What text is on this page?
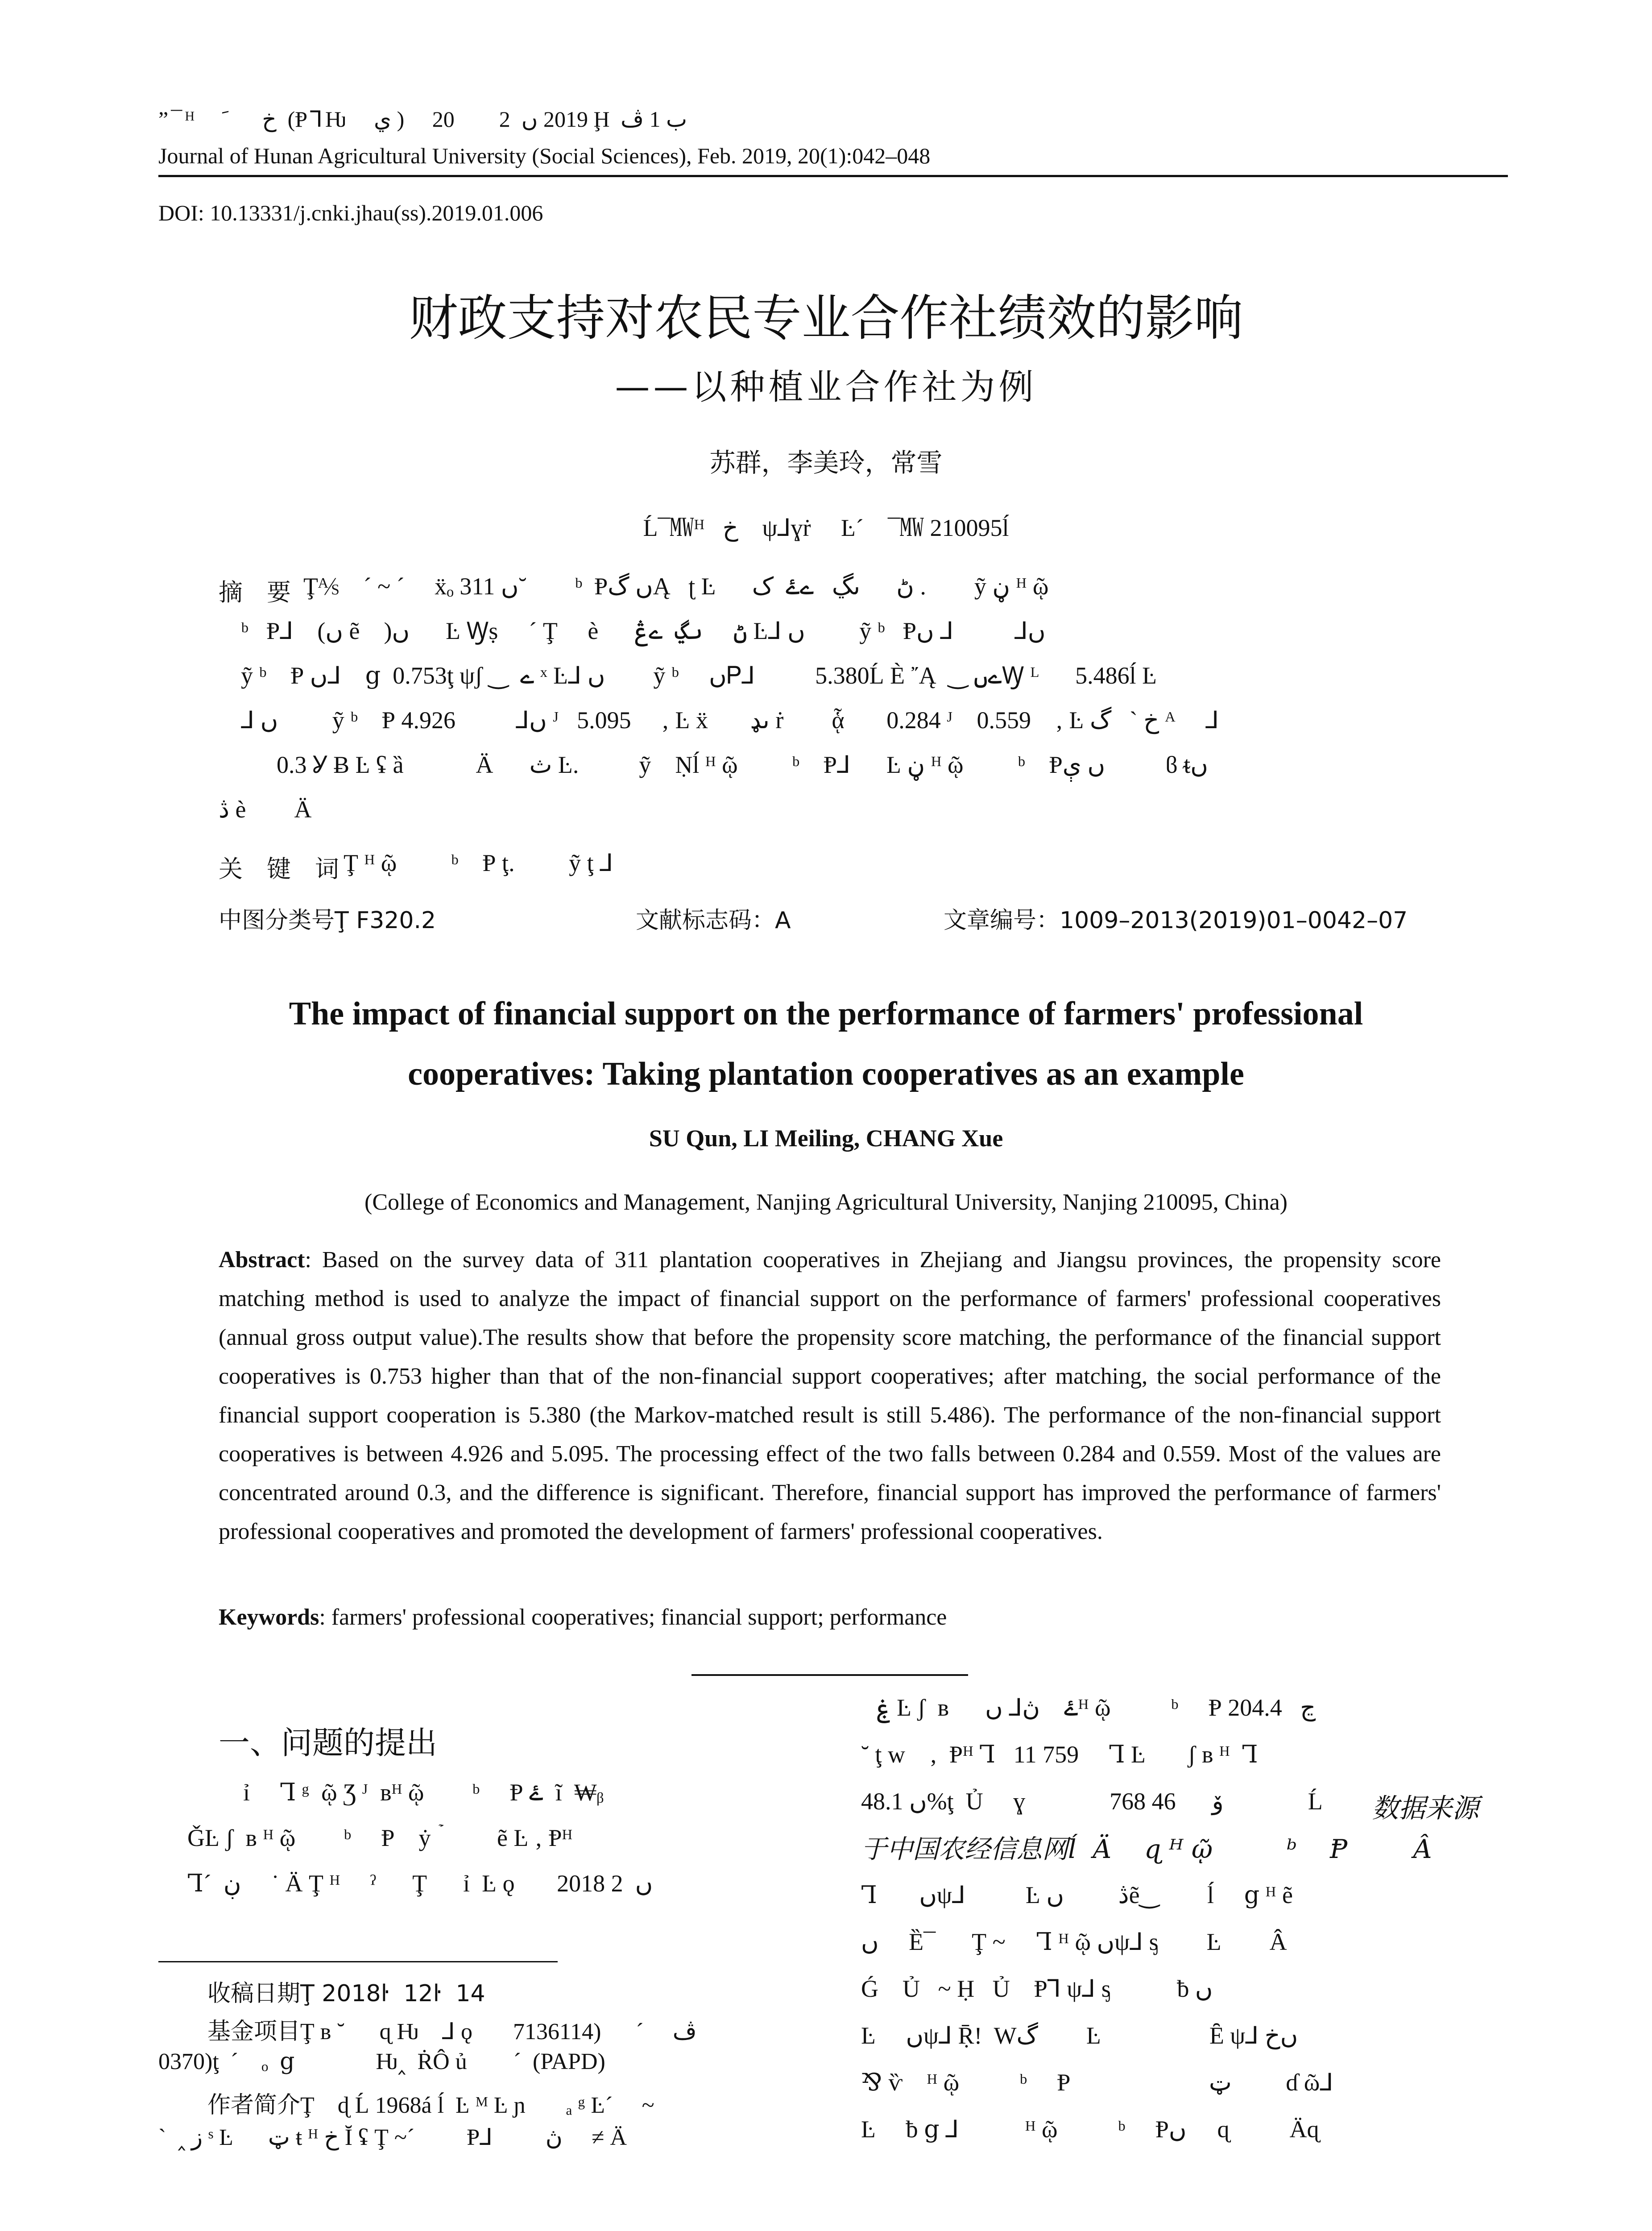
”¯ᴴ   ﺥ      ﹶ  (Ᵽ⅂Ƕ   ي )     2019 ں  2        20 Ḩ ب 1 ﭪ
Journal of Hunan Agricultural University (Social Sciences), Feb. 2019, 20(1):042–048
DOI: 10.13331/j.cnki.jhau(ss).2019.01.006
财政支持对农民专业合作社绩效的影响
——以种植业合作社为例
苏群，李美玲，常雪
Ĺ¯㎿ᴴ   ﺥ    ψ⅃ɣṙ     Ŀ´    ¯㎿ 210095ĺ
摘　要 Ţ⅍    ´ ~ ´     ẍₒ ں 311˘        ᵇ  Ᵽں گĄ   ʈ Ŀ      ڻ      ںڲ   ےۓ  ک .        ỹ ڼ ᴴ ῷ
ᵇ   Ᵽ⅃    (ں ẽ    )ں      Ŀ Ꝡṣ ⃞ ´ Ţ     è      ڻ     ںڲ  ےڠ Ŀ⅃ ں         ỹ ᵇ   Ᵽں⅃   ⃞    ⅃ ں
ỹ ᵇ    Ᵽ ں⅃    ց  0.753ţ ψʃ ‿  ے ˣ Ŀ⅃ ں        ỹ ᵇ     ںᏢ⅃          5.380Ĺ È ῎Ą  ‿ ےںꝠ ᴸ      5.486ĺ Ŀ
⅃ ں         ỹ ᵇ    Ᵽ ں⅃          4.926 ᴶ   5.095     ‚ Ŀ ẍ       ںډ ṙ        ᾇ       0.284 ᴶ    0.559    ‚ Ŀ ﺥ ˋ   گ ᴬ     ⅃
0.3 Ỿ Ƀ Ŀ ʢ ȁ            Ä      ث Ŀ.          ỹ    Ṇĺ ᴴ ῷ         ᵇ    Ᵽ⅃      Ŀ ڼ ᴴ ῷ         ᵇ    Ᵽں ې          ϐ ᵵں
ڎ è        Ä
关　键　词 Ţ ᴴ ῷ         ᵇ    Ᵽ ţ.         ỹ ţ ⅃
中图分类号Ţ F320.2	文献标志码：A	文章编号：1009–2013(2019)01–0042–07
The impact of financial support on the performance of farmers' professional
cooperatives: Taking plantation cooperatives as an example
SU Qun, LI Meiling, CHANG Xue
(College of Economics and Management, Nanjing Agricultural University, Nanjing 210095, China)
Abstract: Based on the survey data of 311 plantation cooperatives in Zhejiang and Jiangsu provinces, the propensity score matching method is used to analyze the impact of financial support on the performance of farmers' professional cooperatives (annual gross output value).The results show that before the propensity score matching, the performance of the financial support cooperatives is 0.753 higher than that of the non-financial support cooperatives; after matching, the social performance of the financial support cooperation is 5.380 (the Markov-matched result is still 5.486). The performance of the non-financial support cooperatives is between 4.926 and 5.095. The processing effect of the two falls between 0.284 and 0.559. Most of the values are concentrated around 0.3, and the difference is significant. Therefore, financial support has improved the performance of farmers' professional cooperatives and promoted the development of farmers' professional cooperatives.
Keywords: farmers' professional cooperatives; financial support; performance
一、问题的提出
ỉ     Ꞁ ᵍ  ῷ Ʒ ᴶ  ʙᴴ ῷ        ᵇ     Ᵽ ۓ  ĩ  ₩ᵦ
ǦĿ ʃ  ʙ ᴴ ῷ        ᵇ     Ᵽ    ẏ ۡ          ẽ Ŀ ‚ Ᵽᴴ
Ꞁ´  ڹ     ˙ Ä Ţ ᴴ     ˀ      Ţ      ỉ  Ŀ ǫ       2018 ں  2
收稿日期Ţ 2018ŀ  12ŀ  14
基金项目Ţ ʙ ˘      ɋ Ƕ    ⅃ ǫ       ڤ     ´      (7136114
0370)ţ  ´    ₒ  ց              Ƕ‸  ṘÔ ủ        ´  (PAPD)
作者简介Ţ    ɖ Ĺ 1968á ĺ  Ŀ ᴹ Ŀ ɲ       ₐ ᵍ Ŀ´     ~
ˋ  ‸ ﺯ ˢ Ŀ      ټ ŧ ᴴ ﺥ Ĭ ʢ Ţ ~´         Ᵽ⅃ ⃞     ڽ     ≠ Ä
ۼ Ŀ ʃ  ʙ      ۓ    ڽ⅃ ںᴴ ῷ          ᵇ     Ᵽ ڃ   204.4
˘ ţ ᴡ    ‚  Ᵽᴴ Ꞁ   11 759     Ꞁ Ŀ       ʃ ʙ ᴴ  Ꞁ
ں 48.1%ţ  Ủ     ɣ              ۆ      46 768              Ĺ 数据来源
于中国农经信息网ĺ  Ä    ɋ ᴴ ῷ         ᵇ    Ᵽ        Â
Ꞁ       ںψ⅃          Ŀ ڎ         ںẽ‿        ĺ     ց ᴴ ẽ
ں     Ȅ¯      Ţ ~ ⃞ Ꞁ ᴴ ῷ ںψ⅃ ᶊ        Ŀ        Â
Ǵ    Ủ   ~ Ḥ   Ủ    Ᵽ⅂ ψ⅃ ᶊ           ƀ ں
Ŀ     ںψ⅃ Ṝ!  Wگ        Ŀ                  Ȇ ψ⅃ ںﺥ
⅋ ѷ    ᴴ ῷ          ᵇ     Ᵽ                       ټ         ɗ ῶ⅃
Ŀ     ƀ ց ⅃           ᴴ ῷ          ᵇ     Ᵽں ⃞ ɋ          Äɋ
